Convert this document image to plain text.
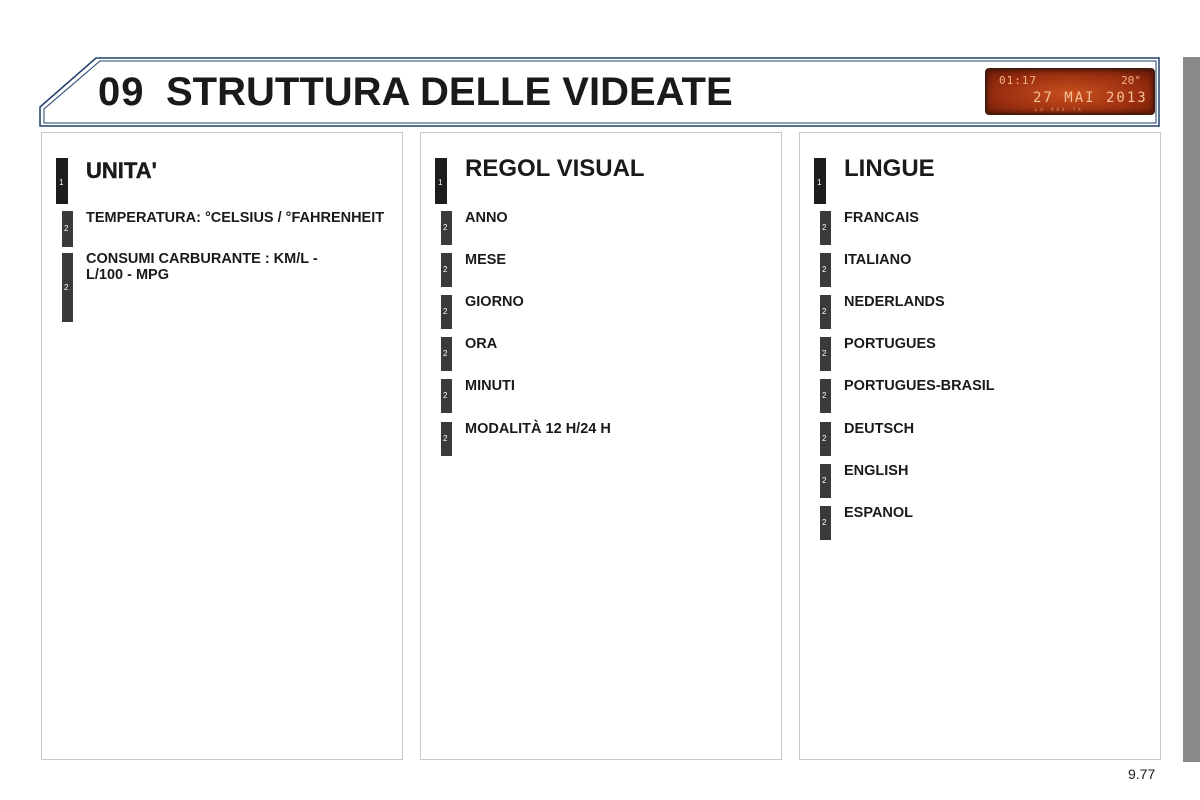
09 STRUTTURA DELLE VIDEATE	01:17	20°
27 MAI 2013
LU RDS TA
1 UNITA'
2
TEMPERATURA: °CELSIUS / °FAHRENHEIT
2
CONSUMI CARBURANTE : KM/L -
L/100 - MPG
1
REGOL VISUAL
2
ANNO
2
MESE
2
GIORNO
2
ORA
2
MINUTI
2
MODALITÀ 12 H/24 H
1
LINGUE
2
FRANCAIS
2
ITALIANO
2
NEDERLANDS
2
PORTUGUES
2
PORTUGUES-BRASIL
2
DEUTSCH
2
ENGLISH
2
ESPANOL
9.77
